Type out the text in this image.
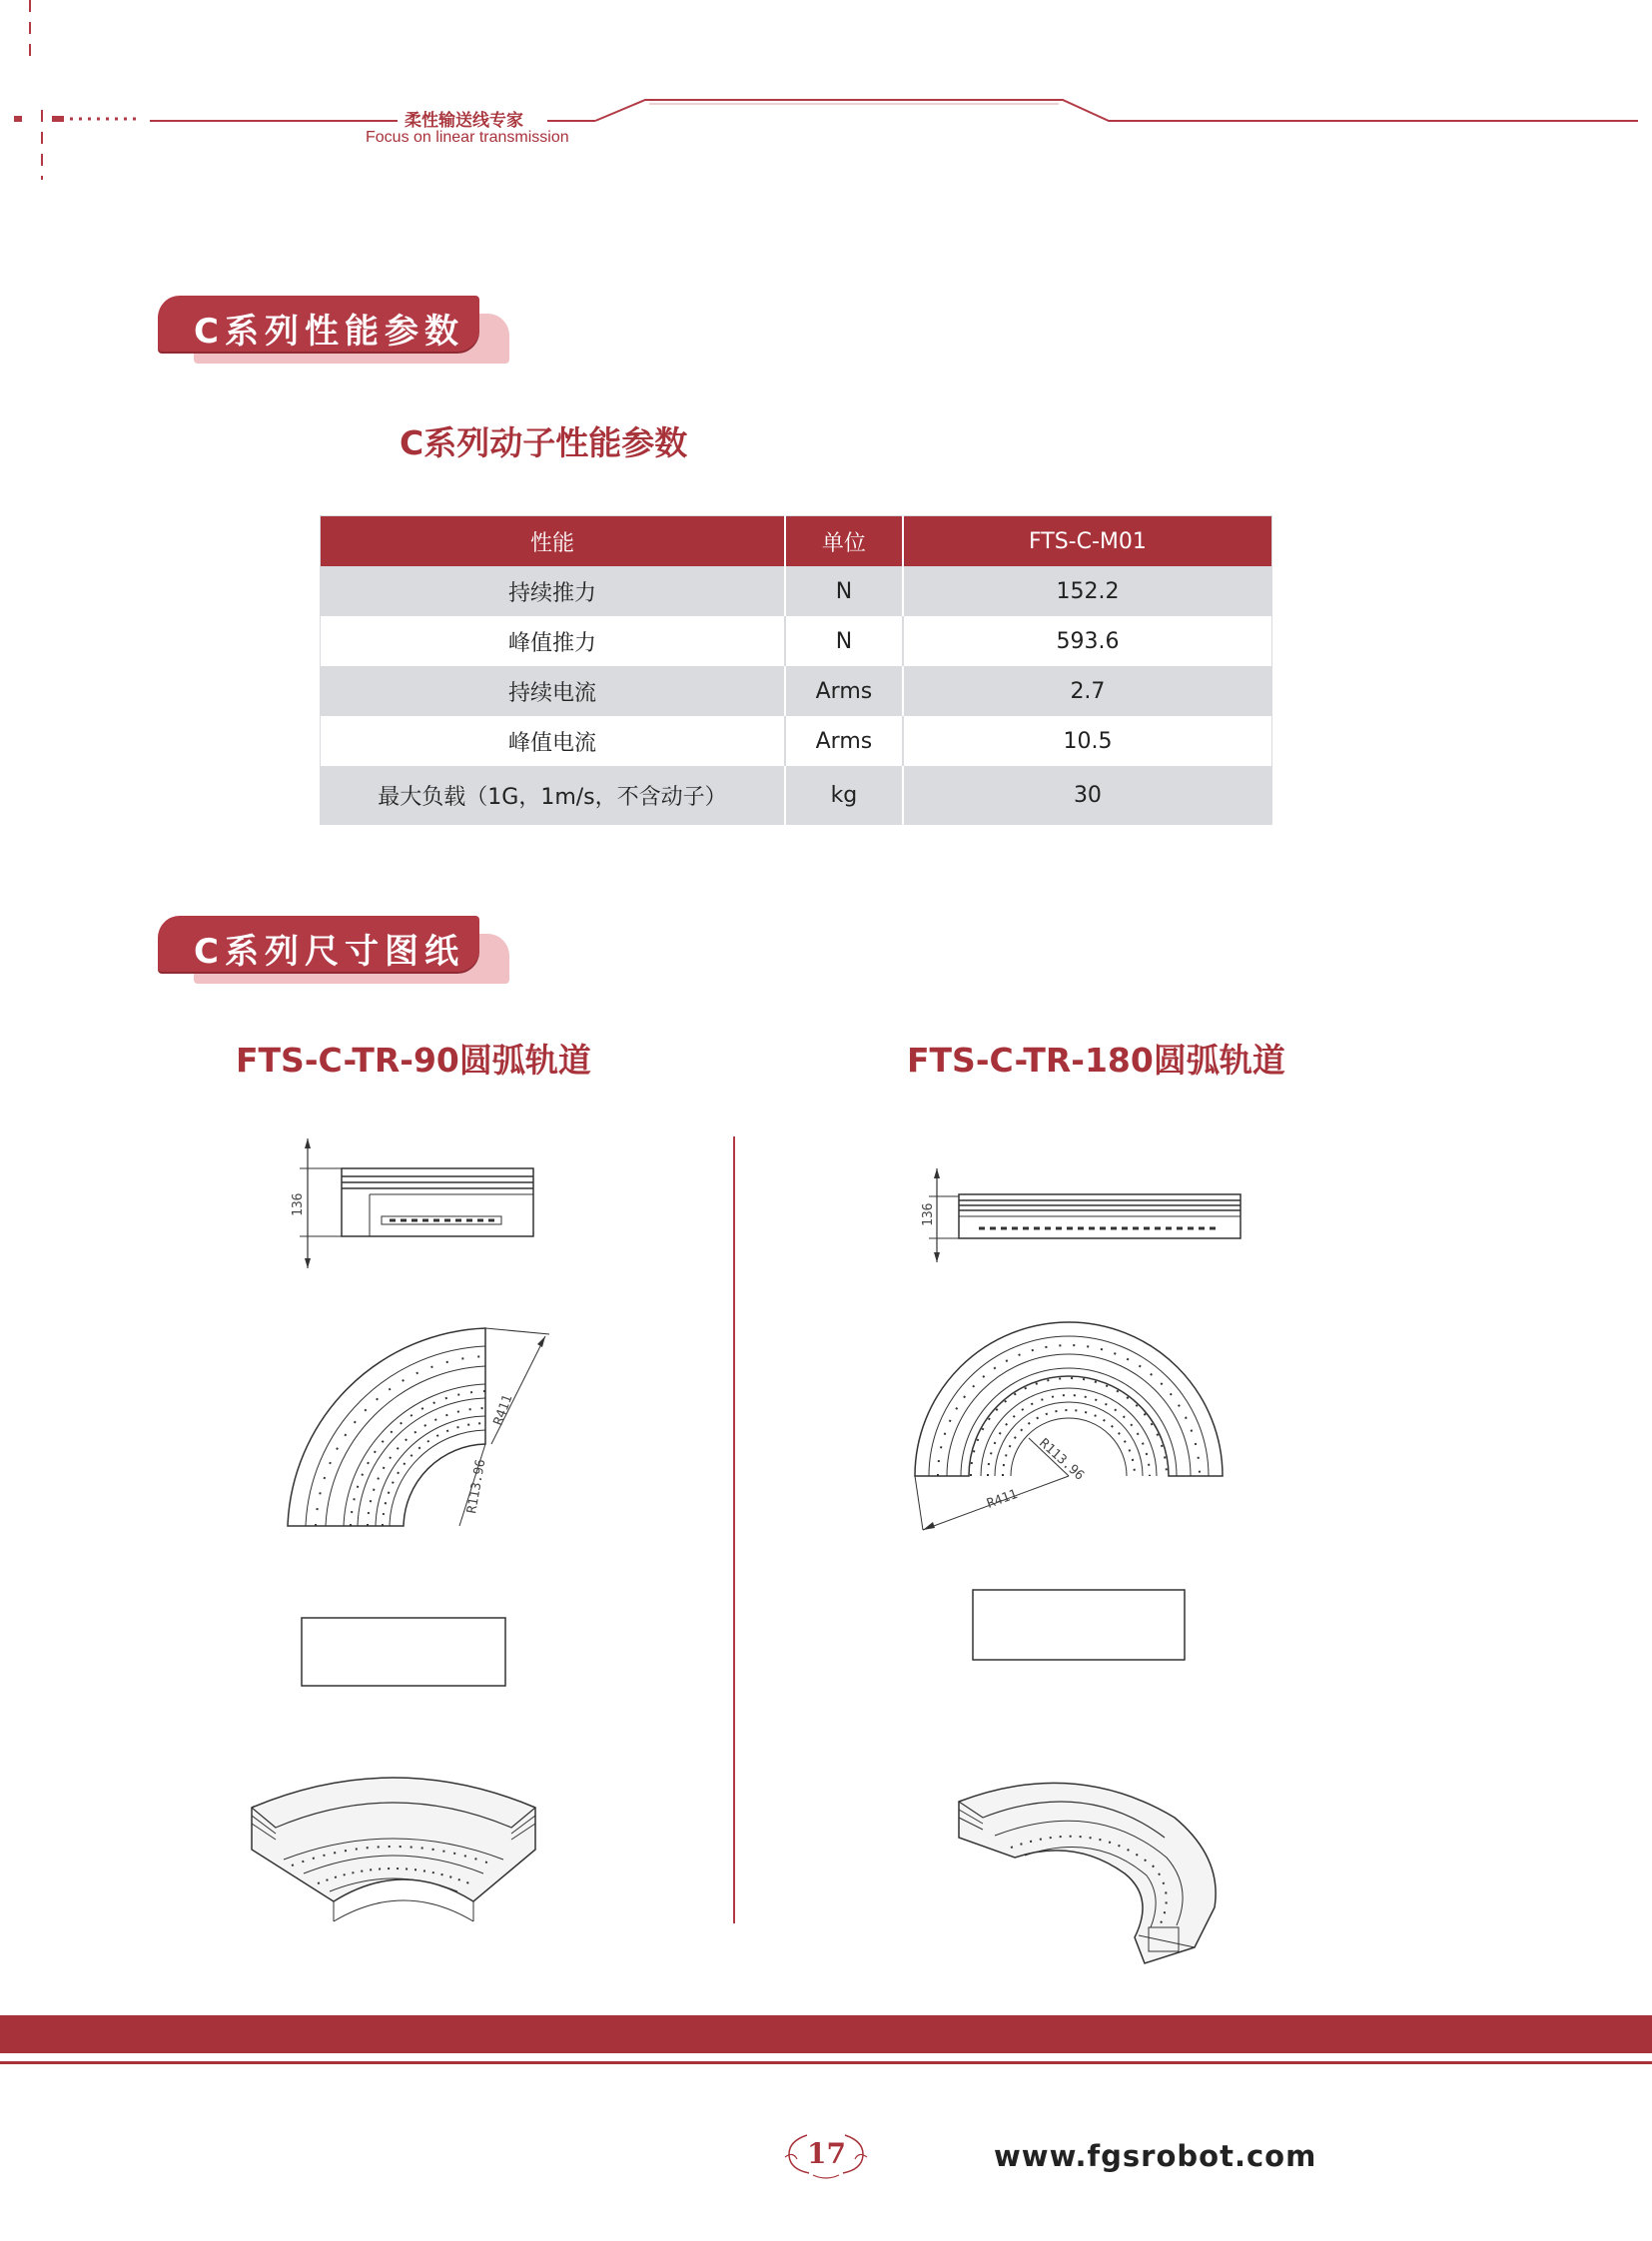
柔性输送线专家
Focus on linear transmission
C系列性能参数
C系列动子性能参数
性能	单位	FTS-C-M01
持续推力	N	152.2
峰值推力	N	593.6
持续电流	Arms	2.7
峰值电流	Arms	10.5
最大负载（1G，1m/s，不含动子）	kg	30
C系列尺寸图纸
FTS-C-TR-90圆弧轨道	FTS-C-TR-180圆弧轨道
136
R411
R113.96
136
R411
R113.96
17	www.fgsrobot.com
